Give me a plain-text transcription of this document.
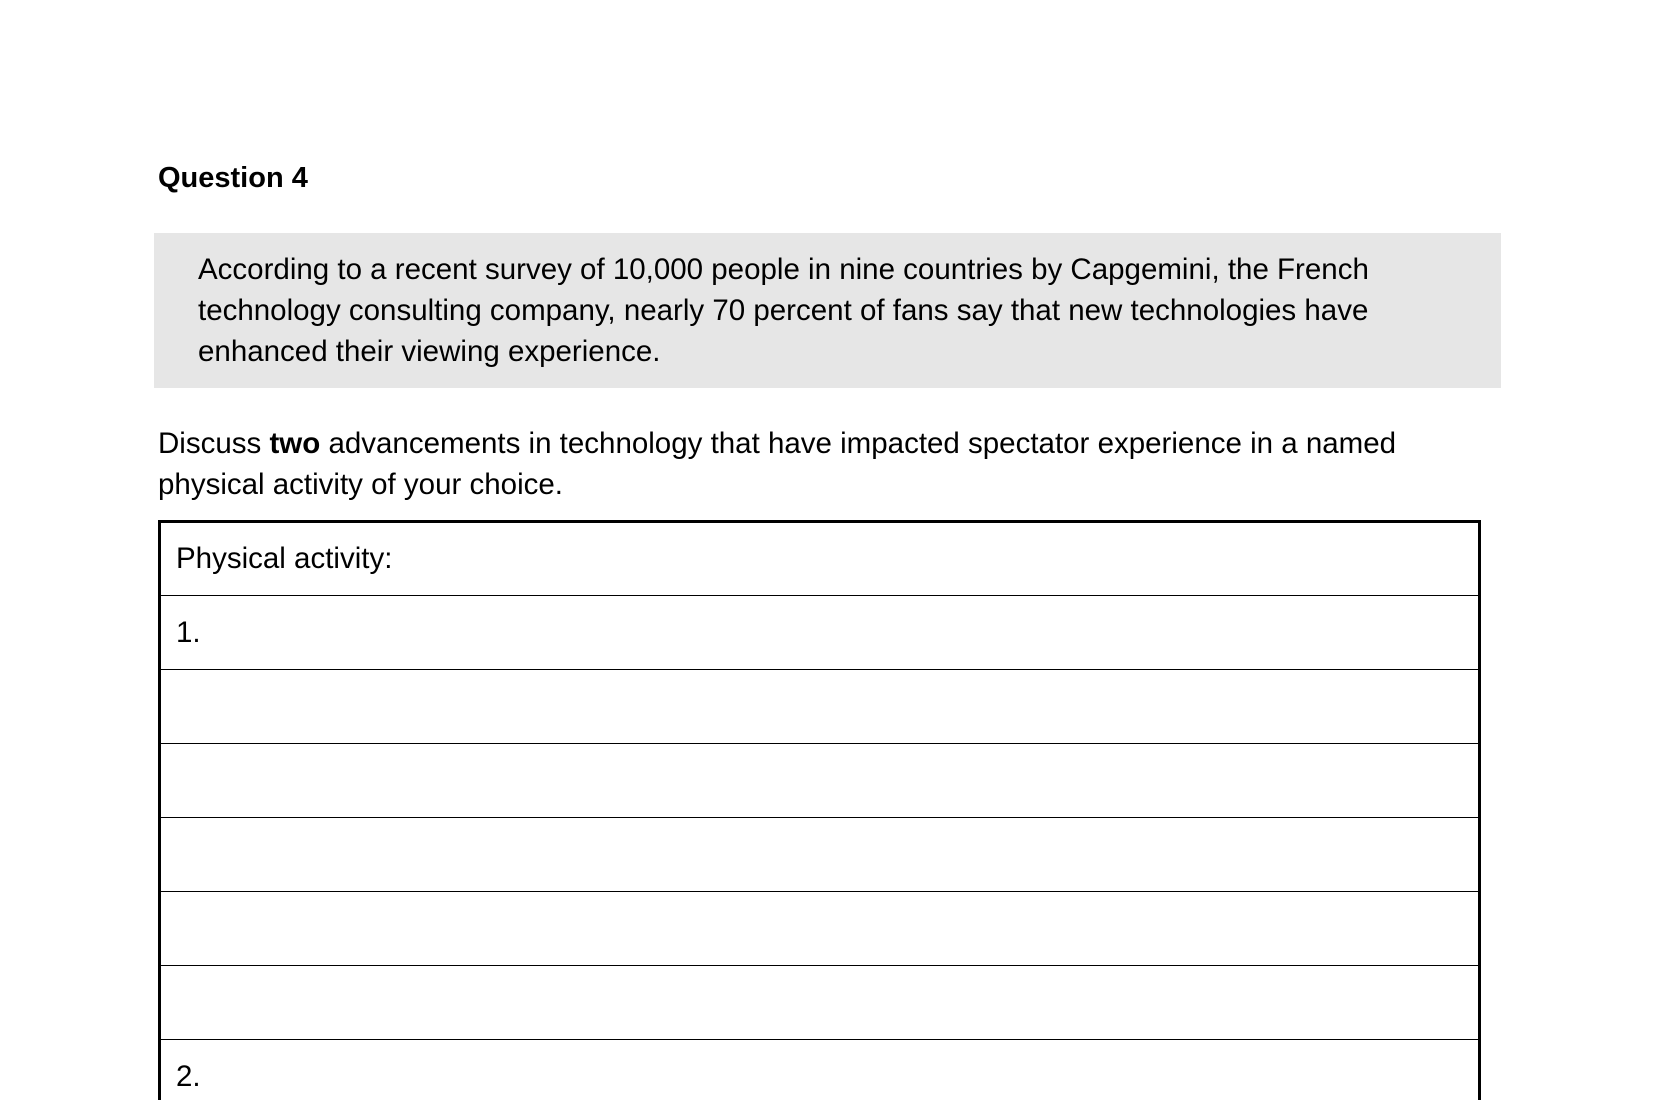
Question 4

According to a recent survey of 10,000 people in nine countries by Capgemini, the French technology consulting company, nearly 70 percent of fans say that new technologies have enhanced their viewing experience.

Discuss two advancements in technology that have impacted spectator experience in a named physical activity of your choice.

Physical activity:
1.

2.
